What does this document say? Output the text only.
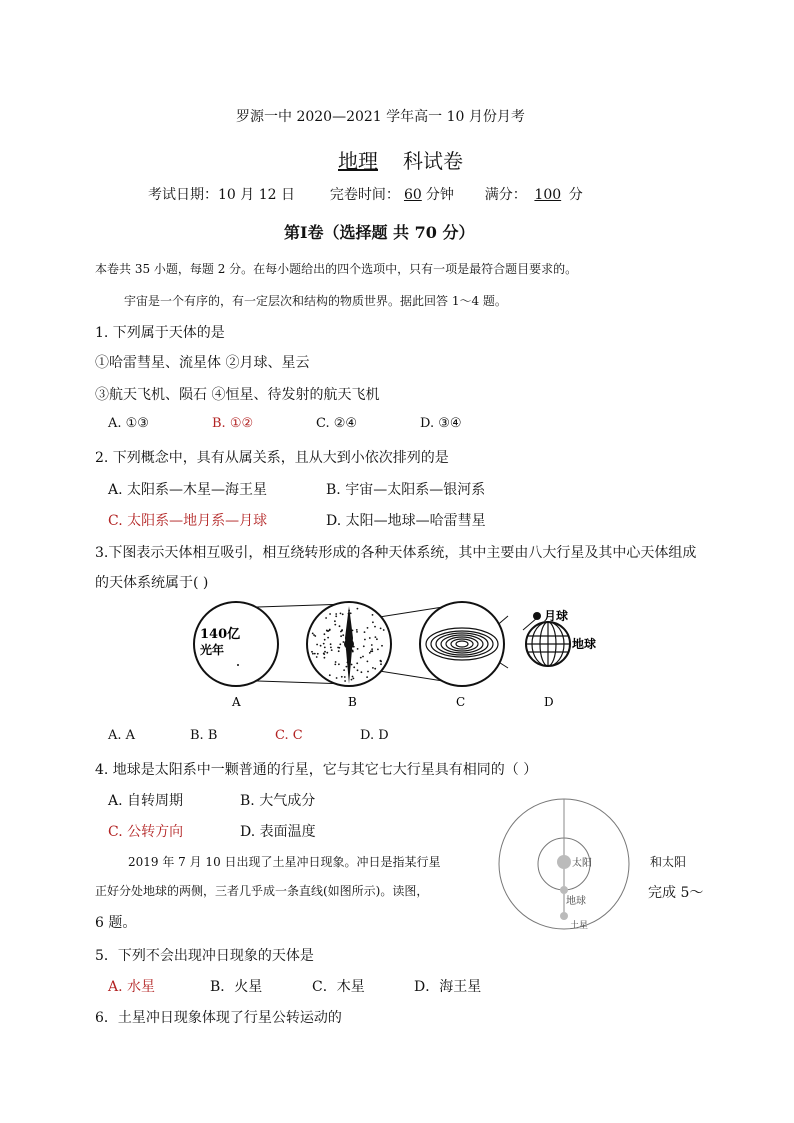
罗源一中 2020—2021 学年高一 10 月份月考
地理 科试卷
考试日期：10 月 12 日 完卷时间： 60 分钟 满分： 100 分
第Ⅰ卷（选择题 共 70 分）
本卷共 35 小题，每题 2 分。在每小题给出的四个选项中，只有一项是最符合题目要求的。
宇宙是一个有序的，有一定层次和结构的物质世界。据此回答 1～4 题。
1. 下列属于天体的是
①哈雷彗星、流星体 ②月球、星云
③航天飞机、陨石 ④恒星、待发射的航天飞机
A. ①③	B. ①②	C. ②④	D. ③④
2. 下列概念中，具有从属关系，且从大到小依次排列的是
A. 太阳系—木星—海王星	B. 宇宙—太阳系—银河系
C. 太阳系—地月系—月球	D. 太阳—地球—哈雷彗星
3.下图表示天体相互吸引，相互绕转形成的各种天体系统，其中主要由八大行星及其中心天体组成
的天体系统属于( )
140亿
光年
月球
地球
A	B	C	D
A. A	B. B	C. C	D. D
4. 地球是太阳系中一颗普通的行星，它与其它七大行星具有相同的（ ）
A. 自转周期	B. 大气成分
C. 公转方向	D. 表面温度
2019 年 7 月 10 日出现了土星冲日现象。冲日是指某行星	和太阳
正好分处地球的两侧，三者几乎成一条直线(如图所示)。读图，	完成 5～
6 题。
太阳
地球
土星
5．下列不会出现冲日现象的天体是
A. 水星	B．火星	C．木星	D．海王星
6．土星冲日现象体现了行星公转运动的
